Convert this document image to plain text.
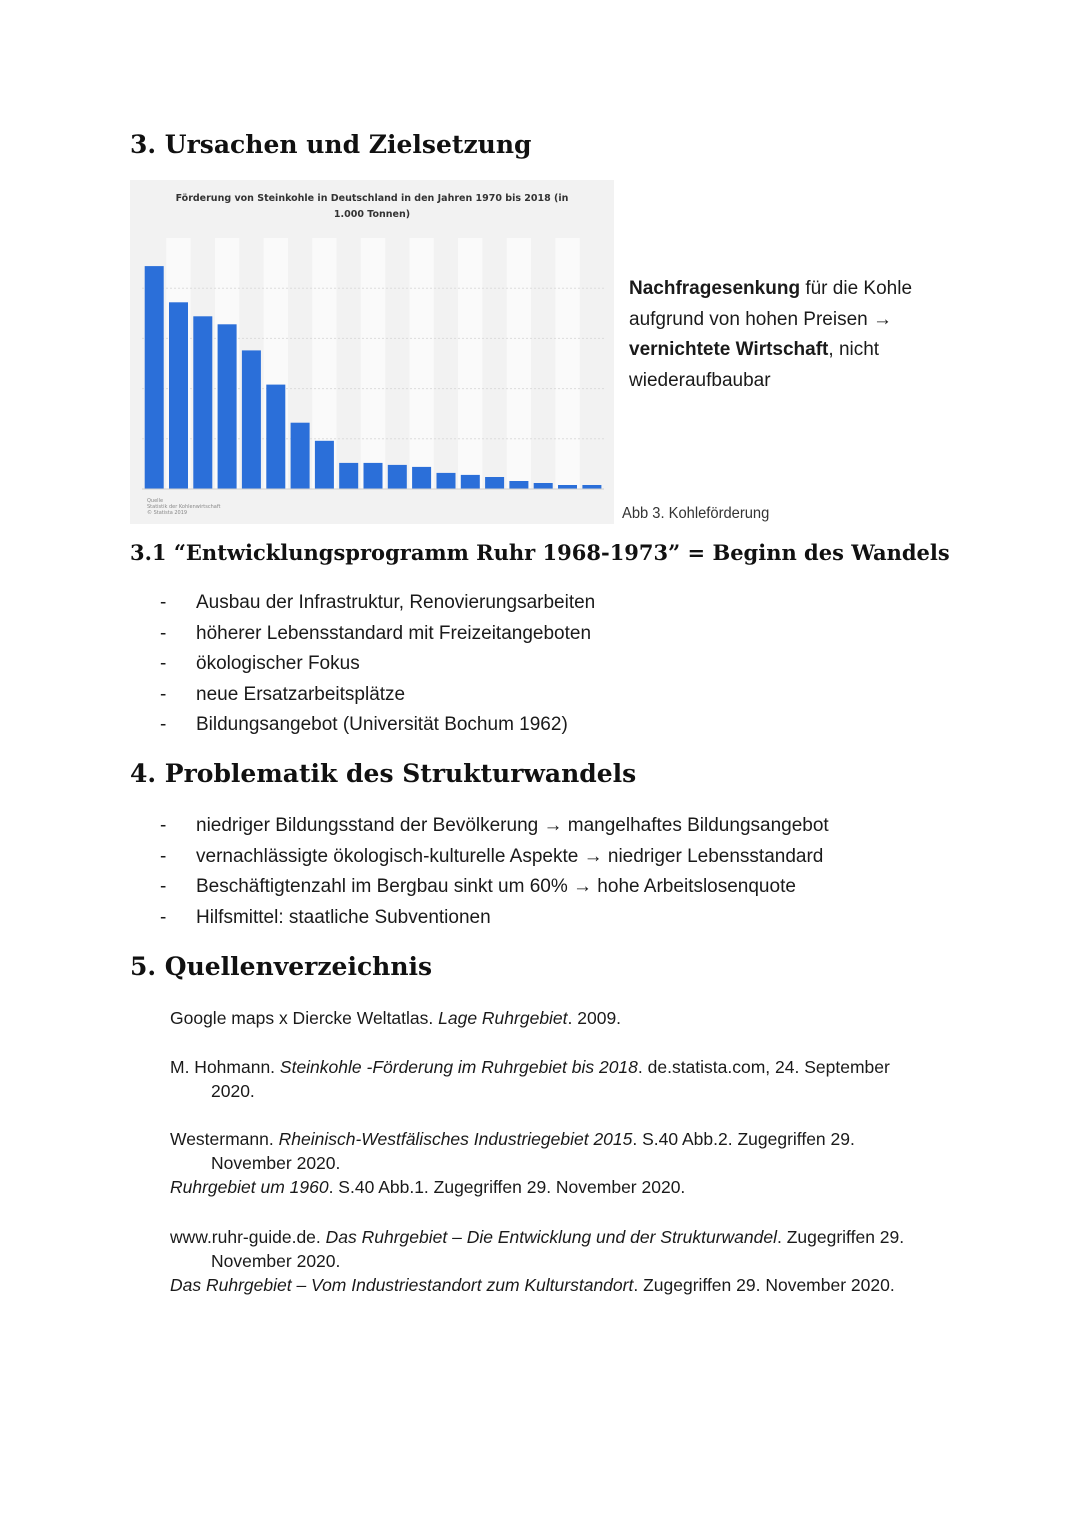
3. Ursachen und Zielsetzung
Förderung von Steinkohle in Deutschland in den Jahren 1970 bis 2018 (in 1.000 Tonnen)
Quelle
Statistik der Kohlenwirtschaft
© Statista 2019
Nachfragesenkung für die Kohle aufgrund von hohen Preisen → vernichtete Wirtschaft, nicht wiederaufbaubar
Abb 3. Kohleförderung
3.1 “Entwicklungsprogramm Ruhr 1968-1973” = Beginn des Wandels
- Ausbau der Infrastruktur, Renovierungsarbeiten
- höherer Lebensstandard mit Freizeitangeboten
- ökologischer Fokus
- neue Ersatzarbeitsplätze
- Bildungsangebot (Universität Bochum 1962)
4. Problematik des Strukturwandels
- niedriger Bildungsstand der Bevölkerung → mangelhaftes Bildungsangebot
- vernachlässigte ökologisch-kulturelle Aspekte → niedriger Lebensstandard
- Beschäftigtenzahl im Bergbau sinkt um 60% → hohe Arbeitslosenquote
- Hilfsmittel: staatliche Subventionen
5. Quellenverzeichnis
Google maps x Diercke Weltatlas. Lage Ruhrgebiet. 2009.
M. Hohmann. Steinkohle -Förderung im Ruhrgebiet bis 2018. de.statista.com, 24. September
2020.
Westermann. Rheinisch-Westfälisches Industriegebiet 2015. S.40 Abb.2. Zugegriffen 29.
November 2020.
Ruhrgebiet um 1960. S.40 Abb.1. Zugegriffen 29. November 2020.
www.ruhr-guide.de. Das Ruhrgebiet – Die Entwicklung und der Strukturwandel. Zugegriffen 29.
November 2020.
Das Ruhrgebiet – Vom Industriestandort zum Kulturstandort. Zugegriffen 29. November 2020.
